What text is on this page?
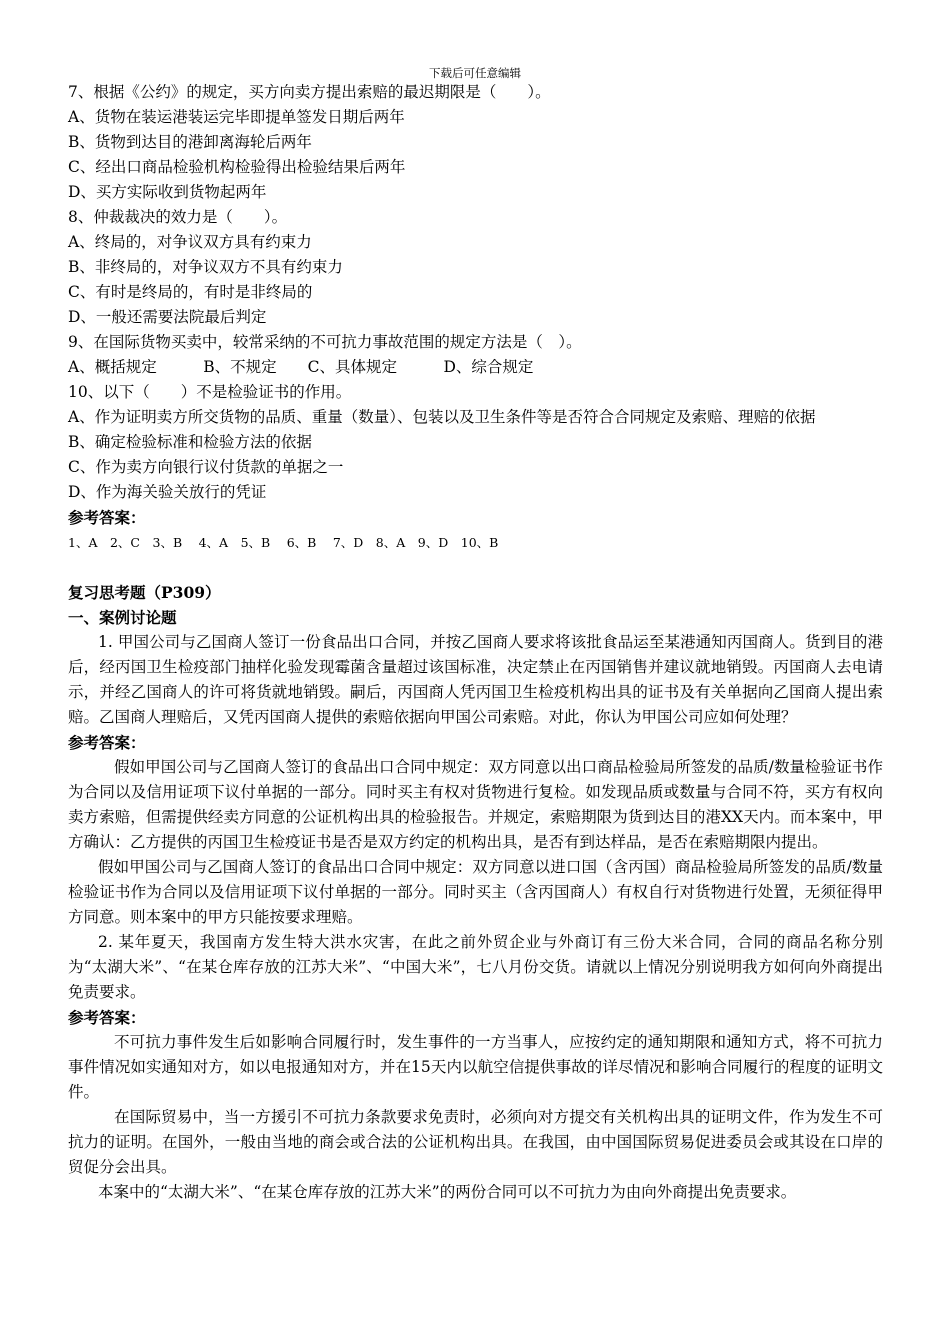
下载后可任意编辑

7、根据《公约》的规定，买方向卖方提出索赔的最迟期限是（　　）。

A、货物在装运港装运完毕即提单签发日期后两年

B、货物到达目的港卸离海轮后两年

C、经出口商品检验机构检验得出检验结果后两年

D、买方实际收到货物起两年

8、仲裁裁决的效力是（　　）。

A、终局的，对争议双方具有约束力

B、非终局的，对争议双方不具有约束力

C、有时是终局的，有时是非终局的

D、一般还需要法院最后判定

9、在国际货物买卖中，较常采纳的不可抗力事故范围的规定方法是（　）。

A、概括规定　　　B、不规定　　C、具体规定　　　D、综合规定

10、以下（　　）不是检验证书的作用。

A、作为证明卖方所交货物的品质、重量（数量）、包装以及卫生条件等是否符合合同规定及索赔、理赔的依据

B、确定检验标准和检验方法的依据

C、作为卖方向银行议付货款的单据之一

D、作为海关验关放行的凭证

参考答案：

1、A　2、C　3、B　 4、A　5、B　 6、B　 7、D　8、A　9、D　10、B

复习思考题（P309）

一、案例讨论题

1. 甲国公司与乙国商人签订一份食品出口合同，并按乙国商人要求将该批食品运至某港通知丙国商人。货到目的港后，经丙国卫生检疫部门抽样化验发现霉菌含量超过该国标准，决定禁止在丙国销售并建议就地销毁。丙国商人去电请示，并经乙国商人的许可将货就地销毁。嗣后，丙国商人凭丙国卫生检疫机构出具的证书及有关单据向乙国商人提出索赔。乙国商人理赔后，又凭丙国商人提供的索赔依据向甲国公司索赔。对此，你认为甲国公司应如何处理？

参考答案：

假如甲国公司与乙国商人签订的食品出口合同中规定：双方同意以出口商品检验局所签发的品质/数量检验证书作为合同以及信用证项下议付单据的一部分。同时买主有权对货物进行复检。如发现品质或数量与合同不符，买方有权向卖方索赔，但需提供经卖方同意的公证机构出具的检验报告。并规定，索赔期限为货到达目的港XX天内。而本案中，甲方确认：乙方提供的丙国卫生检疫证书是否是双方约定的机构出具，是否有到达样品，是否在索赔期限内提出。

假如甲国公司与乙国商人签订的食品出口合同中规定：双方同意以进口国（含丙国）商品检验局所签发的品质/数量检验证书作为合同以及信用证项下议付单据的一部分。同时买主（含丙国商人）有权自行对货物进行处置，无须征得甲方同意。则本案中的甲方只能按要求理赔。

2. 某年夏天，我国南方发生特大洪水灾害，在此之前外贸企业与外商订有三份大米合同，合同的商品名称分别为“太湖大米”、“在某仓库存放的江苏大米”、“中国大米”，七八月份交货。请就以上情况分别说明我方如何向外商提出免责要求。

参考答案：

不可抗力事件发生后如影响合同履行时，发生事件的一方当事人，应按约定的通知期限和通知方式，将不可抗力事件情况如实通知对方，如以电报通知对方，并在15天内以航空信提供事故的详尽情况和影响合同履行的程度的证明文件。

在国际贸易中，当一方援引不可抗力条款要求免责时，必须向对方提交有关机构出具的证明文件，作为发生不可抗力的证明。在国外，一般由当地的商会或合法的公证机构出具。在我国，由中国国际贸易促进委员会或其设在口岸的贸促分会出具。

本案中的“太湖大米”、“在某仓库存放的江苏大米”的两份合同可以不可抗力为由向外商提出免责要求。
